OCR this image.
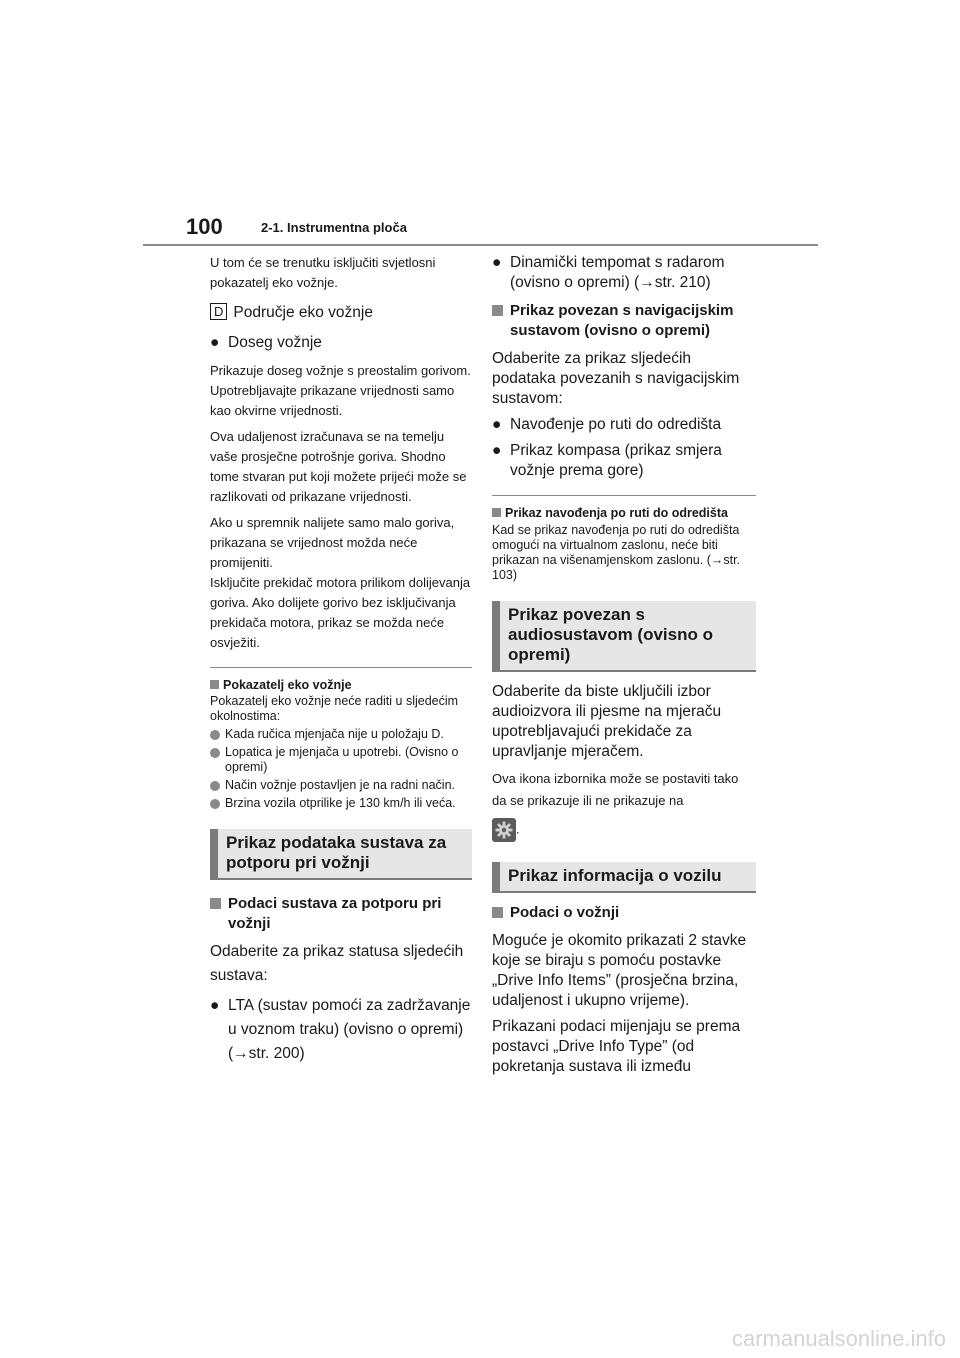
100	2-1. Instrumentna ploča

U tom će se trenutku isključiti svjetlosni pokazatelj eko vožnje.

D Područje eko vožnje

● Doseg vožnje

Prikazuje doseg vožnje s preostalim gorivom. Upotrebljavajte prikazane vrijednosti samo kao okvirne vrijednosti.

Ova udaljenost izračunava se na temelju vaše prosječne potrošnje goriva. Shodno tome stvaran put koji možete prijeći može se razlikovati od prikazane vrijednosti.

Ako u spremnik nalijete samo malo goriva, prikazana se vrijednost možda neće promijeniti.

Isključite prekidač motora prilikom dolijevanja goriva. Ako dolijete gorivo bez isključivanja prekidača motora, prikaz se možda neće osvježiti.

Pokazatelj eko vožnje

Pokazatelj eko vožnje neće raditi u sljedećim okolnostima:

Kada ručica mjenjača nije u položaju D.
Lopatica je mjenjača u upotrebi. (Ovisno o opremi)
Način vožnje postavljen je na radni način.
Brzina vozila otprilike je 130 km/h ili veća.
Prikaz podataka sustava za potporu pri vožnji
Podaci sustava za potporu pri vožnji

Odaberite za prikaz statusa sljedećih sustava:

● LTA (sustav pomoći za zadržavanje u voznom traku) (ovisno o opremi) (→str. 200)
● Dinamički tempomat s radarom (ovisno o opremi) (→str. 210)
Prikaz povezan s navigacijskim sustavom (ovisno o opremi)

Odaberite za prikaz sljedećih podataka povezanih s navigacijskim sustavom:

● Navođenje po ruti do odredišta
● Prikaz kompasa (prikaz smjera vožnje prema gore)
Prikaz navođenja po ruti do odredišta

Kad se prikaz navođenja po ruti do odredišta omogući na virtualnom zaslonu, neće biti prikazan na višenamjenskom zaslonu. (→str. 103)

Prikaz povezan s audiosustavom (ovisno o opremi)

Odaberite da biste uključili izbor audioizvora ili pjesme na mjeraču upotrebljavajući prekidače za upravljanje mjeračem.

Ova ikona izbornika može se postaviti tako da se prikazuje ili ne prikazuje na

.

Prikaz informacija o vozilu
Podaci o vožnji

Moguće je okomito prikazati 2 stavke koje se biraju s pomoću postavke „Drive Info Items” (prosječna brzina, udaljenost i ukupno vrijeme).

Prikazani podaci mijenjaju se prema postavci „Drive Info Type” (od pokretanja sustava ili između

carmanualsonline.info
